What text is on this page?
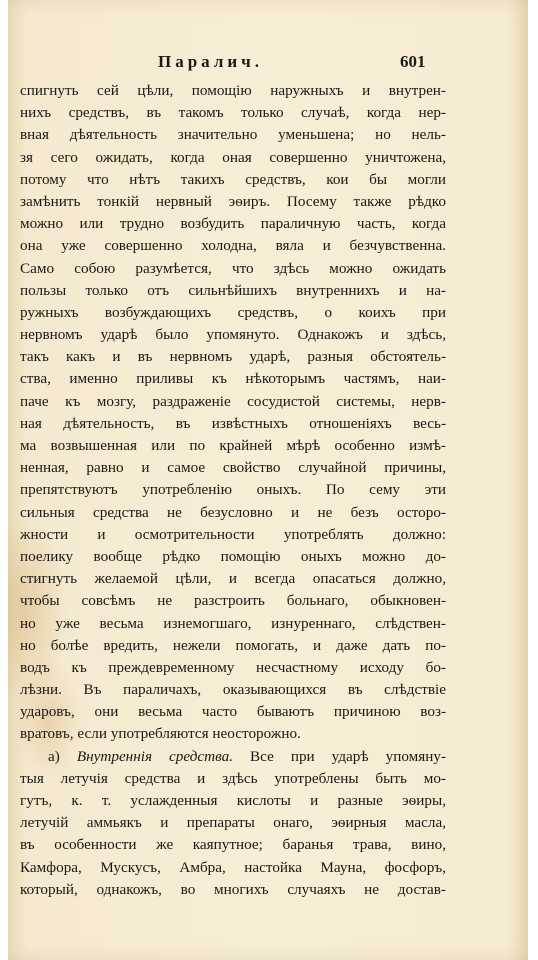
Паралич.	601
спигнуть сей цѣли, помощію наружныхъ и внутрен-
нихъ средствъ, въ такомъ только случаѣ, когда нер-
вная дѣятельность значительно уменьшена; но нель-
зя сего ожидать, когда оная совершенно уничтожена,
потому что нѣтъ такихъ средствъ, кои бы могли
замѣнить тонкій нервный эѳиръ. Посему также рѣдко
можно или трудно возбудить параличную часть, когда
она уже совершенно холодна, вяла и безчувственна.
Само собою разумѣется, что здѣсь можно ожидать
пользы только отъ сильнѣйшихъ внутреннихъ и на-
ружныхъ возбуждающихъ средствъ, о коихъ при
нервномъ ударѣ было упомянуто. Однакожъ и здѣсь,
такъ какъ и въ нервномъ ударѣ, разныя обстоятель-
ства, именно приливы къ нѣкоторымъ частямъ, наи-
паче къ мозгу, раздраженіе сосудистой системы, нерв-
ная дѣятельность, въ извѣстныхъ отношеніяхъ весь-
ма возвышенная или по крайней мѣрѣ особенно измѣ-
ненная, равно и самое свойство случайной причины,
препятствуютъ употребленію оныхъ. По сему эти
сильныя средства не безусловно и не безъ осторо-
жности и осмотрительности употреблять должно:
поелику вообще рѣдко помощію оныхъ можно до-
стигнуть желаемой цѣли, и всегда опасаться должно,
чтобы совсѣмъ не разстроить больнаго, обыкновен-
но уже весьма изнемогшаго, изнуреннаго, слѣдствен-
но болѣе вредить, нежели помогать, и даже дать по-
водъ къ преждевременному несчастному исходу бо-
лѣзни. Въ параличахъ, оказывающихся въ слѣдствіе
ударовъ, они весьма часто бываютъ причиною воз-
вратовъ, если употребляются неосторожно.
а) Внутреннія средства. Все при ударѣ упомяну-
тыя летучія средства и здѣсь употреблены быть мо-
гутъ, к. т. услажденныя кислоты и разные эѳиры,
летучій аммьякъ и препараты онаго, эѳирныя масла,
въ особенности же каяпутное; баранья трава, вино,
Камфора, Мускусъ, Амбра, настойка Мауна, фосфоръ,
который, однакожъ, во многихъ случаяхъ не достав-
